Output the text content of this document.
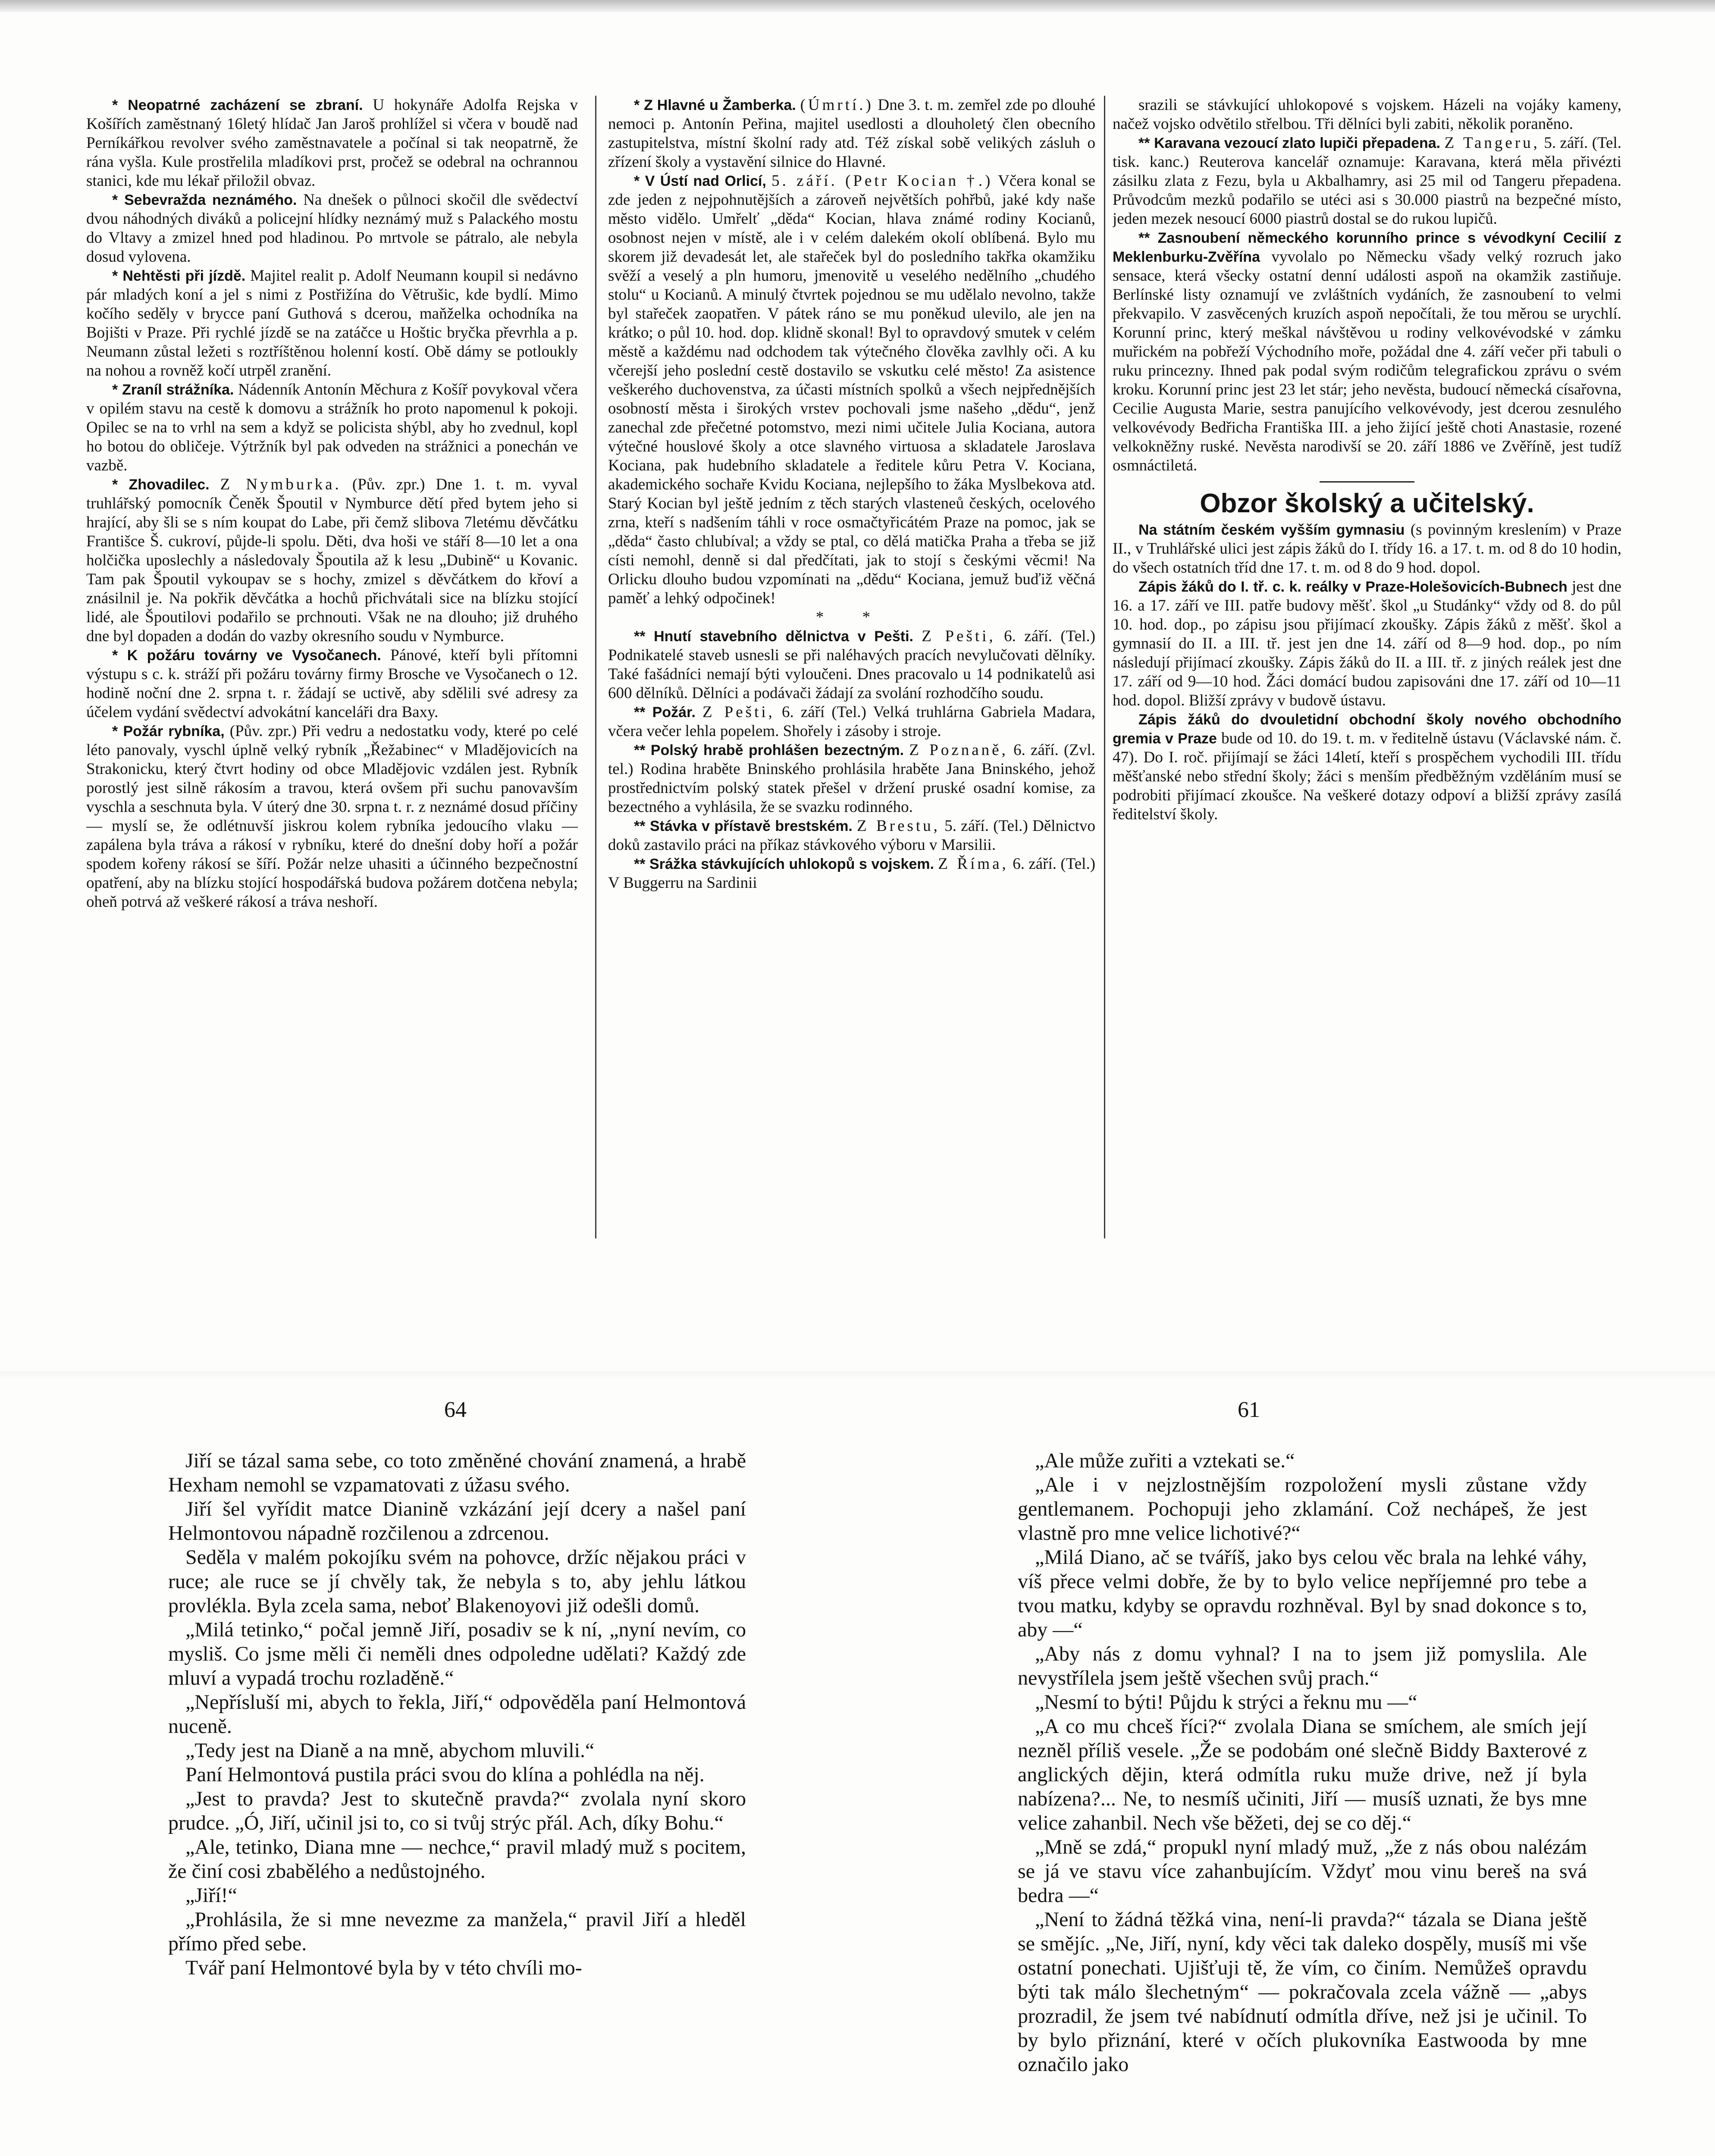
* Neopatrné zacházení se zbraní. U hokynáře Adolfa Rejska v Košířích zaměstnaný 16letý hlídač Jan Jaroš prohlížel si včera v boudě nad Perníkářkou revolver svého zaměstnavatele a počínal si tak neopatrně, že rána vyšla. Kule prostřelila mladíkovi prst, pročež se odebral na ochrannou stanici, kde mu lékař přiložil obvaz.

* Sebevražda neznámého. Na dnešek o půlnoci skočil dle svědectví dvou náhodných diváků a policejní hlídky neznámý muž s Palackého mostu do Vltavy a zmizel hned pod hladinou. Po mrtvole se pátralo, ale nebyla dosud vylovena.

* Nehtěsti při jízdě. Majitel realit p. Adolf Neumann koupil si nedávno pár mladých koní a jel s nimi z Postřižína do Větrušic, kde bydlí. Mimo kočího seděly v brycce paní Guthová s dcerou, maňželka ochodníka na Bojišti v Praze. Při rychlé jízdě se na zatáčce u Hoštic bryčka převrhla a p. Neumann zůstal ležeti s roztříštěnou holenní kostí. Obě dámy se potloukly na nohou a rovněž kočí utrpěl zranění.

* Zraníl strážníka. Nádenník Antonín Měchura z Košíř povykoval včera v opilém stavu na cestě k domovu a strážník ho proto napomenul k pokoji. Opilec se na to vrhl na sem a když se policista shýbl, aby ho zvednul, kopl ho botou do obličeje. Výtržník byl pak odveden na strážnici a ponechán ve vazbě.

* Zhovadilec. Z Nymburka. (Pův. zpr.) Dne 1. t. m. vyval truhlářský pomocník Čeněk Špoutil v Nymburce dětí před bytem jeho si hrající, aby šli se s ním koupat do Labe, při čemž slibova 7letému děvčátku Františce Š. cukroví, půjde-li spolu. Děti, dva hoši ve stáří 8—10 let a ona holčička uposlechly a následovaly Špoutila až k lesu „Dubině“ u Kovanic. Tam pak Špoutil vykoupav se s hochy, zmizel s děvčátkem do křoví a znásilnil je. Na pokřik děvčátka a hochů přichvátali sice na blízku stojící lidé, ale Špoutilovi podařilo se prchnouti. Však ne na dlouho; již druhého dne byl dopaden a dodán do vazby okresního soudu v Nymburce.

* K požáru továrny ve Vysočanech. Pánové, kteří byli přítomni výstupu s c. k. stráží při požáru továrny firmy Brosche ve Vysočanech o 12. hodině noční dne 2. srpna t. r. žádají se uctivě, aby sdělili své adresy za účelem vydání svědectví advokátní kanceláři dra Baxy.

* Požár rybníka, (Pův. zpr.) Při vedru a nedostatku vody, které po celé léto panovaly, vyschl úplně velký rybník „Řežabinec“ v Mladějovicích na Strakonicku, který čtvrt hodiny od obce Mladějovic vzdálen jest. Rybník porostlý jest silně rákosím a travou, která ovšem při suchu panovavším vyschla a seschnuta byla. V úterý dne 30. srpna t. r. z neznámé dosud příčiny — myslí se, že odlétnuvší jiskrou kolem rybníka jedoucího vlaku — zapálena byla tráva a rákosí v rybníku, které do dnešní doby hoří a požár spodem kořeny rákosí se šíří. Požár nelze uhasiti a účinného bezpečnostní opatření, aby na blízku stojící hospodářská budova požárem dotčena nebyla; oheň potrvá až veškeré rákosí a tráva neshoří.

* Z Hlavné u Žamberka. (Úmrtí.) Dne 3. t. m. zemřel zde po dlouhé nemoci p. Antonín Peřina, majitel usedlosti a dlouholetý člen obecního zastupitelstva, místní školní rady atd. Též získal sobě velikých zásluh o zřízení školy a vystavění silnice do Hlavné.

* V Ústí nad Orlicí, 5. září. (Petr Kocian †.) Včera konal se zde jeden z nejpohnutějších a zároveň největších pohřbů, jaké kdy naše město vidělo. Umřelť „děda“ Kocian, hlava známé rodiny Kocianů, osobnost nejen v místě, ale i v celém dalekém okolí oblíbená. Bylo mu skorem již devadesát let, ale stařeček byl do posledního takřka okamžiku svěží a veselý a pln humoru, jmenovitě u veselého nedělního „chudého stolu“ u Kocianů. A minulý čtvrtek pojednou se mu udělalo nevolno, takže byl stařeček zaopatřen. V pátek ráno se mu poněkud ulevilo, ale jen na krátko; o půl 10. hod. dop. klidně skonal! Byl to opravdový smutek v celém městě a každému nad odchodem tak výtečného člověka zavlhly oči. A ku včerejší jeho poslední cestě dostavilo se vskutku celé město! Za asistence veškerého duchovenstva, za účasti místních spolků a všech nejpřednějších osobností města i širokých vrstev pochovali jsme našeho „dědu“, jenž zanechal zde přečetné potomstvo, mezi nimi učitele Julia Kociana, autora výtečné houslové školy a otce slavného virtuosa a skladatele Jaroslava Kociana, pak hudebního skladatele a ředitele kůru Petra V. Kociana, akademického sochaře Kvidu Kociana, nejlepšího to žáka Myslbekova atd. Starý Kocian byl ještě jedním z těch starých vlasteneů českých, ocelového zrna, kteří s nadšením táhli v roce osmačtyřicátém Praze na pomoc, jak se „děda“ často chlubíval; a vždy se ptal, co dělá matička Praha a třeba se již císti nemohl, denně si dal předčítati, jak to stojí s českými věcmi! Na Orlicku dlouho budou vzpomínati na „dědu“ Kociana, jemuž buďiž věčná paměť a lehký odpočinek!

* *

** Hnutí stavebního dělnictva v Pešti. Z Pešti, 6. září. (Tel.) Podnikatelé staveb usnesli se při naléhavých pracích nevylučovati dělníky. Také fašádníci nemají býti vyloučeni. Dnes pracovalo u 14 podnikatelů asi 600 dělníků. Dělníci a podávači žádají za svolání rozhodčího soudu.

** Požár. Z Pešti, 6. září (Tel.) Velká truhlárna Gabriela Madara, včera večer lehla popelem. Shořely i zásoby i stroje.

** Polský hrabě prohlášen bezectným. Z Poznaně, 6. září. (Zvl. tel.) Rodina hraběte Bninského prohlásila hraběte Jana Bninského, jehož prostřednictvím polský statek přešel v držení pruské osadní komise, za bezectného a vyhlásila, že se svazku rodinného.

** Stávka v přístavě brestském. Z Brestu, 5. září. (Tel.) Dělnictvo doků zastavilo práci na příkaz stávkového výboru v Marsilii.

** Srážka stávkujících uhlokopů s vojskem. Z Říma, 6. září. (Tel.) V Buggerru na Sardinii

srazili se stávkující uhlokopové s vojskem. Házeli na vojáky kameny, načež vojsko odvětilo střelbou. Tři dělníci byli zabiti, několik poraněno.

** Karavana vezoucí zlato lupiči přepadena. Z Tangeru, 5. září. (Tel. tisk. kanc.) Reuterova kancelář oznamuje: Karavana, která měla přivézti zásilku zlata z Fezu, byla u Akbalhamry, asi 25 mil od Tangeru přepadena. Průvodcům mezků podařilo se utéci asi s 30.000 piastrů na bezpečné místo, jeden mezek nesoucí 6000 piastrů dostal se do rukou lupičů.

** Zasnoubení německého korunního prince s vévodkyní Cecilií z Meklenburku-Zvěřína vyvolalo po Německu všady velký rozruch jako sensace, která všecky ostatní denní události aspoň na okamžik zastiňuje. Berlínské listy oznamují ve zvláštních vydáních, že zasnoubení to velmi překvapilo. V zasvěcených kruzích aspoň nepočítali, že tou měrou se urychlí. Korunní princ, který meškal návštěvou u rodiny velkovévodské v zámku muřickém na pobřeží Východního moře, požádal dne 4. září večer při tabuli o ruku princezny. Ihned pak podal svým rodičům telegrafickou zprávu o svém kroku. Korunní princ jest 23 let stár; jeho nevěsta, budoucí německá císařovna, Cecilie Augusta Marie, sestra panujícího velkovévody, jest dcerou zesnulého velkovévody Bedřicha Františka III. a jeho žijící ještě choti Anastasie, rozené velkokněžny ruské. Nevěsta narodivší se 20. září 1886 ve Zvěříně, jest tudíž osmnáctiletá.

Obzor školský a učitelský.

Na státním českém vyšším gymnasiu (s povinným kreslením) v Praze II., v Truhlářské ulici jest zápis žáků do I. třídy 16. a 17. t. m. od 8 do 10 hodin, do všech ostatních tříd dne 17. t. m. od 8 do 9 hod. dopol.

Zápis žáků do I. tř. c. k. reálky v Praze-Holešovicích-Bubnech jest dne 16. a 17. září ve III. patře budovy měšť. škol „u Studánky“ vždy od 8. do půl 10. hod. dop., po zápisu jsou přijímací zkoušky. Zápis žáků z měšť. škol a gymnasií do II. a III. tř. jest jen dne 14. září od 8—9 hod. dop., po ním následují přijímací zkoušky. Zápis žáků do II. a III. tř. z jiných reálek jest dne 17. září od 9—10 hod. Žáci domácí budou zapisováni dne 17. září od 10—11 hod. dopol. Bližší zprávy v budově ústavu.

Zápis žáků do dvouletidní obchodní školy nového obchodního gremia v Praze bude od 10. do 19. t. m. v ředitelně ústavu (Václavské nám. č. 47). Do I. roč. přijímají se žáci 14letí, kteří s prospěchem vychodili III. třídu měšťanské nebo střední školy; žáci s menším předběžným vzděláním musí se podrobiti přijímací zkoušce. Na veškeré dotazy odpoví a bližší zprávy zasílá ředitelství školy.

64	61

Jiří se tázal sama sebe, co toto změněné chování znamená, a hrabě Hexham nemohl se vzpamatovati z úžasu svého.

Jiří šel vyřídit matce Dianině vzkázání její dcery a našel paní Helmontovou nápadně rozčilenou a zdrcenou.

Seděla v malém pokojíku svém na pohovce, držíc nějakou práci v ruce; ale ruce se jí chvěly tak, že nebyla s to, aby jehlu látkou provlékla. Byla zcela sama, neboť Blakenoyovi již odešli domů.

„Milá tetinko,“ počal jemně Jiří, posadiv se k ní, „nyní nevím, co mysliš. Co jsme měli či neměli dnes odpoledne udělati? Každý zde mluví a vypadá trochu rozladěně.“

„Nepřísluší mi, abych to řekla, Jiří,“ odpověděla paní Helmontová nuceně.

„Tedy jest na Dianě a na mně, abychom mluvili.“

Paní Helmontová pustila práci svou do klína a pohlédla na něj.

„Jest to pravda? Jest to skutečně pravda?“ zvolala nyní skoro prudce. „Ó, Jiří, učinil jsi to, co si tvůj strýc přál. Ach, díky Bohu.“

„Ale, tetinko, Diana mne — nechce,“ pravil mladý muž s pocitem, že činí cosi zbabělého a nedůstojného.

„Jiří!“

„Prohlásila, že si mne nevezme za manžela,“ pravil Jiří a hleděl přímo před sebe.

Tvář paní Helmontové byla by v této chvíli mo-

„Ale může zuřiti a vztekati se.“

„Ale i v nejzlostnějším rozpoložení mysli zůstane vždy gentlemanem. Pochopuji jeho zklamání. Což nechápeš, že jest vlastně pro mne velice lichotivé?“

„Milá Diano, ač se tváříš, jako bys celou věc brala na lehké váhy, víš přece velmi dobře, že by to bylo velice nepříjemné pro tebe a tvou matku, kdyby se opravdu rozhněval. Byl by snad dokonce s to, aby —“

„Aby nás z domu vyhnal? I na to jsem již pomyslila. Ale nevystřílela jsem ještě všechen svůj prach.“

„Nesmí to býti! Půjdu k strýci a řeknu mu —“

„A co mu chceš říci?“ zvolala Diana se smíchem, ale smích její nezněl příliš vesele. „Že se podobám oné slečně Biddy Baxterové z anglických dějin, která odmítla ruku muže drive, než jí byla nabízena?... Ne, to nesmíš učiniti, Jiří — musíš uznati, že bys mne velice zahanbil. Nech vše běžeti, dej se co děj.“

„Mně se zdá,“ propukl nyní mladý muž, „že z nás obou nalézám se já ve stavu více zahanbujícím. Vždyť mou vinu bereš na svá bedra —“

„Není to žádná těžká vina, není-li pravda?“ tázala se Diana ještě se smějíc. „Ne, Jiří, nyní, kdy věci tak daleko dospěly, musíš mi vše ostatní ponechati. Ujišťuji tě, že vím, co činím. Nemůžeš opravdu býti tak málo šlechetným“ — pokračovala zcela vážně — „abys prozradil, že jsem tvé nabídnutí odmítla dříve, než jsi je učinil. To by bylo přiznání, které v očích plukovníka Eastwooda by mne označilo jako
